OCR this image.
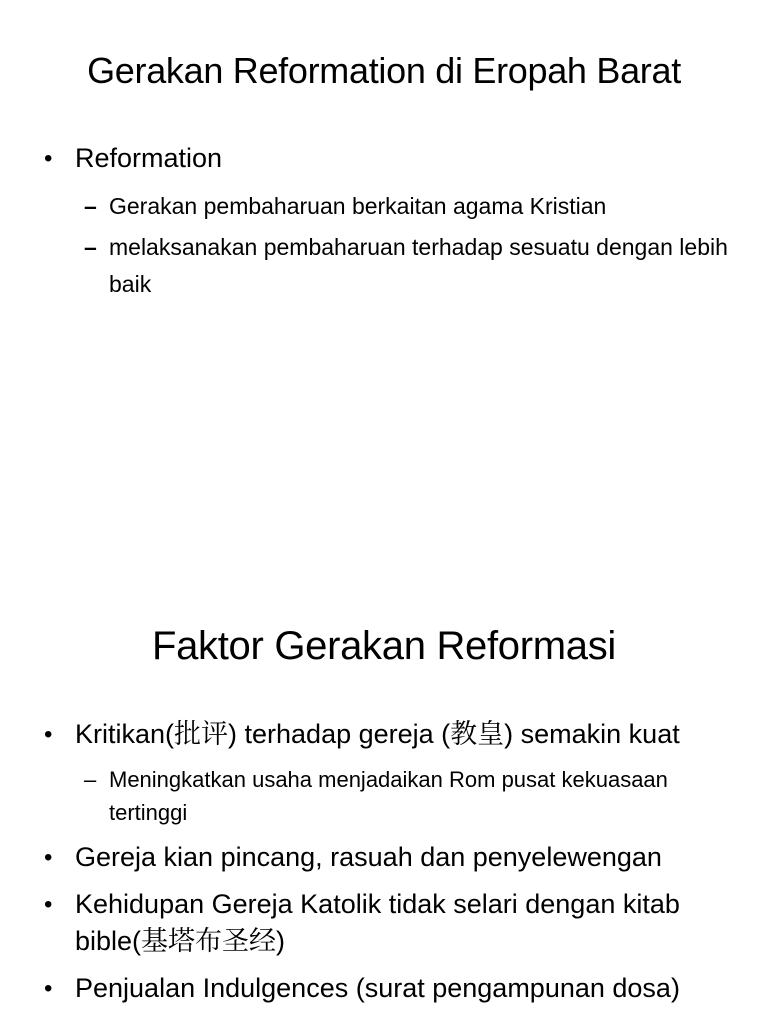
Gerakan Reformation di Eropah Barat
• Reformation
– Gerakan pembaharuan berkaitan agama Kristian
– melaksanakan pembaharuan terhadap sesuatu dengan lebih baik
Faktor Gerakan Reformasi
• Kritikan(批评) terhadap gereja (教皇) semakin kuat
– Meningkatkan usaha menjadaikan Rom pusat kekuasaan tertinggi
• Gereja kian pincang, rasuah dan penyelewengan
• Kehidupan Gereja Katolik tidak selari dengan kitab bible(基塔布圣经)
• Penjualan Indulgences (surat pengampunan dosa)
